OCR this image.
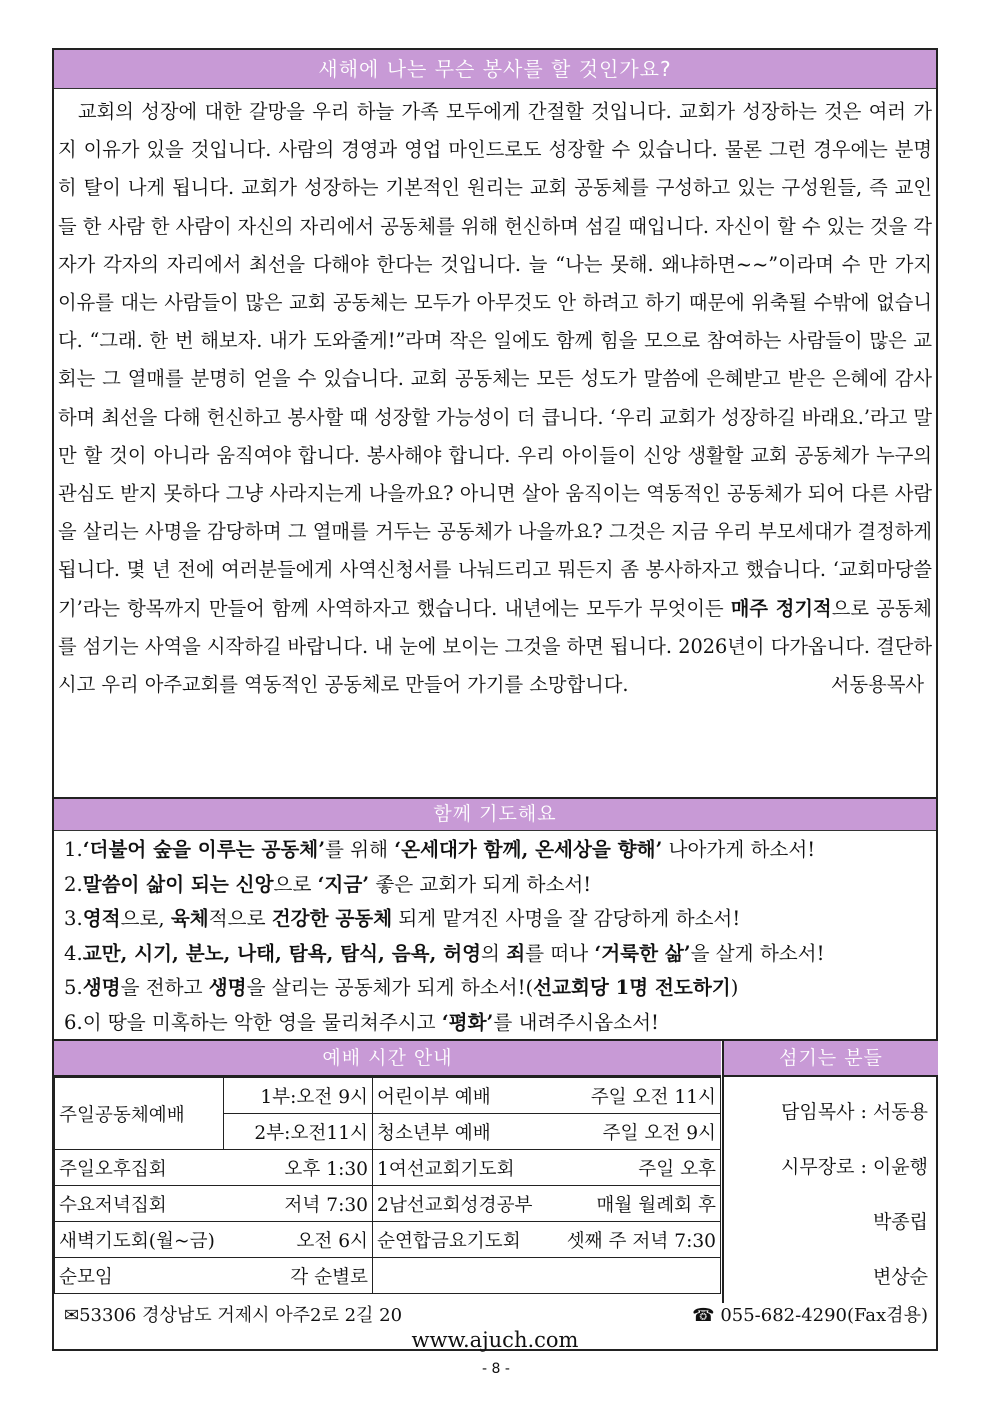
새해에 나는 무슨 봉사를 할 것인가요?

교회의 성장에 대한 갈망을 우리 하늘 가족 모두에게 간절할 것입니다. 교회가 성장하는 것은 여러 가지 이유가 있을 것입니다. 사람의 경영과 영업 마인드로도 성장할 수 있습니다. 물론 그런 경우에는 분명히 탈이 나게 됩니다. 교회가 성장하는 기본적인 원리는 교회 공동체를 구성하고 있는 구성원들, 즉 교인들 한 사람 한 사람이 자신의 자리에서 공동체를 위해 헌신하며 섬길 때입니다. 자신이 할 수 있는 것을 각자가 각자의 자리에서 최선을 다해야 한다는 것입니다. 늘 “나는 못해. 왜냐하면~~”이라며 수 만 가지 이유를 대는 사람들이 많은 교회 공동체는 모두가 아무것도 안 하려고 하기 때문에 위축될 수밖에 없습니다. “그래. 한 번 해보자. 내가 도와줄게!”라며 작은 일에도 함께 힘을 모으로 참여하는 사람들이 많은 교회는 그 열매를 분명히 얻을 수 있습니다. 교회 공동체는 모든 성도가 말씀에 은혜받고 받은 은혜에 감사하며 최선을 다해 헌신하고 봉사할 때 성장할 가능성이 더 큽니다. ‘우리 교회가 성장하길 바래요.’라고 말만 할 것이 아니라 움직여야 합니다. 봉사해야 합니다. 우리 아이들이 신앙 생활할 교회 공동체가 누구의 관심도 받지 못하다 그냥 사라지는게 나을까요? 아니면 살아 움직이는 역동적인 공동체가 되어 다른 사람을 살리는 사명을 감당하며 그 열매를 거두는 공동체가 나을까요? 그것은 지금 우리 부모세대가 결정하게 됩니다. 몇 년 전에 여러분들에게 사역신청서를 나눠드리고 뭐든지 좀 봉사하자고 했습니다. ‘교회마당쓸기’라는 항목까지 만들어 함께 사역하자고 했습니다. 내년에는 모두가 무엇이든 매주 정기적으로 공동체를 섬기는 사역을 시작하길 바랍니다. 내 눈에 보이는 그것을 하면 됩니다. 2026년이 다가옵니다. 결단하시고 우리 아주교회를 역동적인 공동체로 만들어 가기를 소망합니다.	서동용목사

함께 기도해요
1.‘더불어 숲을 이루는 공동체’를 위해 ‘온세대가 함께, 온세상을 향해’ 나아가게 하소서!
2.말씀이 삶이 되는 신앙으로 ‘지금’ 좋은 교회가 되게 하소서!
3.영적으로, 육체적으로 건강한 공동체 되게 맡겨진 사명을 잘 감당하게 하소서!
4.교만, 시기, 분노, 나태, 탐욕, 탐식, 음욕, 허영의 죄를 떠나 ‘거룩한 삶’을 살게 하소서!
5.생명을 전하고 생명을 살리는 공동체가 되게 하소서!(선교회당 1명 전도하기)
6.이 땅을 미혹하는 악한 영을 물리쳐주시고 ‘평화’를 내려주시옵소서!
예배 시간 안내
주일공동체예배	1부:오전 9시	어린이부 예배 주일 오전 11시

	2부:오전11시	청소년부 예배 주일 오전 9시

주일오후집회 오후 1:30		1여선교회기도회 주일 오후

수요저녁집회 저녁 7:30		2남선교회성경공부 매월 월례회 후

새벽기도회(월~금) 오전 6시		순연합금요기도회 셋째 주 저녁 7:30

순모임 각 순별로		

섬기는 분들
담임목사 : 서동용
시무장로 : 이윤행
박종립
변상순
✉53306 경상남도 거제시 아주2로 2길 20	☎ 055-682-4290(Fax겸용)
www.ajuch.com
- 8 -
